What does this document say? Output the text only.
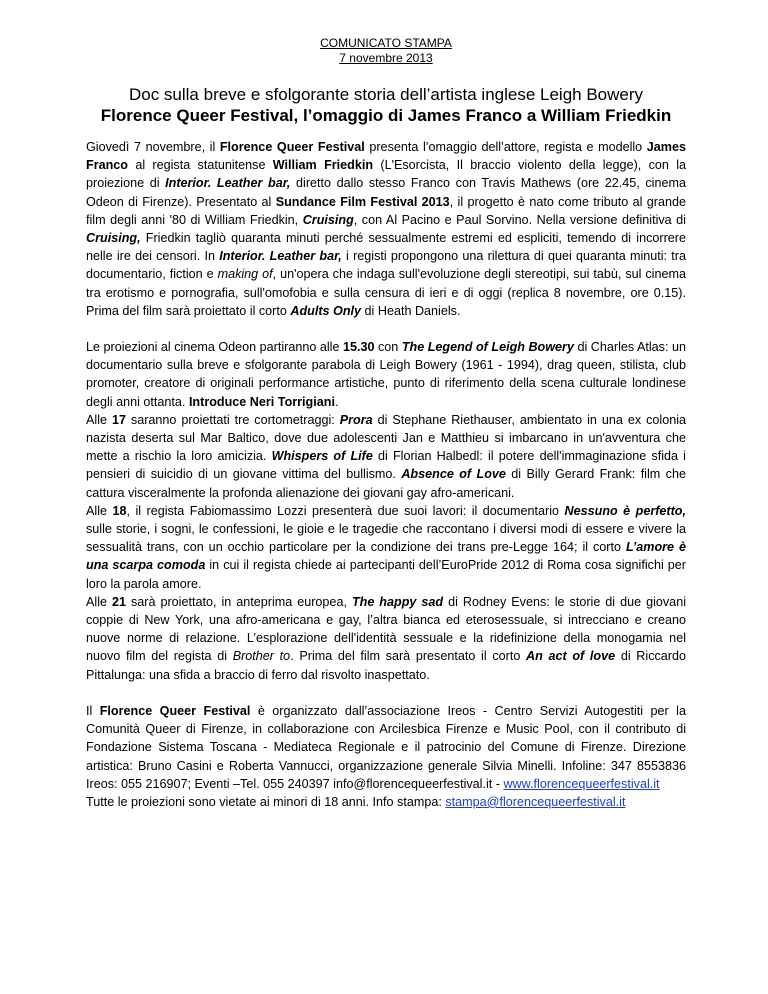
COMUNICATO STAMPA
7 novembre 2013
Doc sulla breve e sfolgorante storia dell’artista inglese Leigh Bowery
Florence Queer Festival, l’omaggio di James Franco a William Friedkin

Giovedì 7 novembre, il Florence Queer Festival presenta l’omaggio dell’attore, regista e modello James Franco al regista statunitense William Friedkin (L'Esorcista, Il braccio violento della legge), con la proiezione di Interior. Leather bar, diretto dallo stesso Franco con Travis Mathews (ore 22.45, cinema Odeon di Firenze). Presentato al Sundance Film Festival 2013, il progetto è nato come tributo al grande film degli anni '80 di William Friedkin, Cruising, con Al Pacino e Paul Sorvino. Nella versione definitiva di Cruising, Friedkin tagliò quaranta minuti perché sessualmente estremi ed espliciti, temendo di incorrere nelle ire dei censori. In Interior. Leather bar, i registi propongono una rilettura di quei quaranta minuti: tra documentario, fiction e making of, un'opera che indaga sull'evoluzione degli stereotipi, sui tabù, sul cinema tra erotismo e pornografia, sull'omofobia e sulla censura di ieri e di oggi (replica 8 novembre, ore 0.15). Prima del film sarà proiettato il corto Adults Only di Heath Daniels.

Le proiezioni al cinema Odeon partiranno alle 15.30 con The Legend of Leigh Bowery di Charles Atlas: un documentario sulla breve e sfolgorante parabola di Leigh Bowery (1961 - 1994), drag queen, stilista, club promoter, creatore di originali performance artistiche, punto di riferimento della scena culturale londinese degli anni ottanta. Introduce Neri Torrigiani.

Alle 17 saranno proiettati tre cortometraggi: Prora di Stephane Riethauser, ambientato in una ex colonia nazista deserta sul Mar Baltico, dove due adolescenti Jan e Matthieu si imbarcano in un'avventura che mette a rischio la loro amicizia. Whispers of Life di Florian Halbedl: il potere dell'immaginazione sfida i pensieri di suicidio di un giovane vittima del bullismo. Absence of Love di Billy Gerard Frank: film che cattura visceralmente la profonda alienazione dei giovani gay afro-americani.

Alle 18, il regista Fabiomassimo Lozzi presenterà due suoi lavori: il documentario Nessuno è perfetto, sulle storie, i sogni, le confessioni, le gioie e le tragedie che raccontano i diversi modi di essere e vivere la sessualità trans, con un occhio particolare per la condizione dei trans pre-Legge 164; il corto L’amore è una scarpa comoda in cui il regista chiede ai partecipanti dell’EuroPride 2012 di Roma cosa significhi per loro la parola amore.

Alle 21 sarà proiettato, in anteprima europea, The happy sad di Rodney Evens: le storie di due giovani coppie di New York, una afro-americana e gay, l’altra bianca ed eterosessuale, si intrecciano e creano nuove norme di relazione. L’esplorazione dell'identità sessuale e la ridefinizione della monogamia nel nuovo film del regista di Brother to. Prima del film sarà presentato il corto An act of love di Riccardo Pittalunga: una sfida a braccio di ferro dal risvolto inaspettato.

Il Florence Queer Festival è organizzato dall’associazione Ireos - Centro Servizi Autogestiti per la Comunità Queer di Firenze, in collaborazione con Arcilesbica Firenze e Music Pool, con il contributo di Fondazione Sistema Toscana - Mediateca Regionale e il patrocinio del Comune di Firenze. Direzione artistica: Bruno Casini e Roberta Vannucci, organizzazione generale Silvia Minelli. Infoline: 347 8553836 Ireos: 055 216907; Eventi –Tel. 055 240397 info@florencequeerfestival.it - www.florencequeerfestival.it

Tutte le proiezioni sono vietate ai minori di 18 anni. Info stampa: stampa@florencequeerfestival.it
